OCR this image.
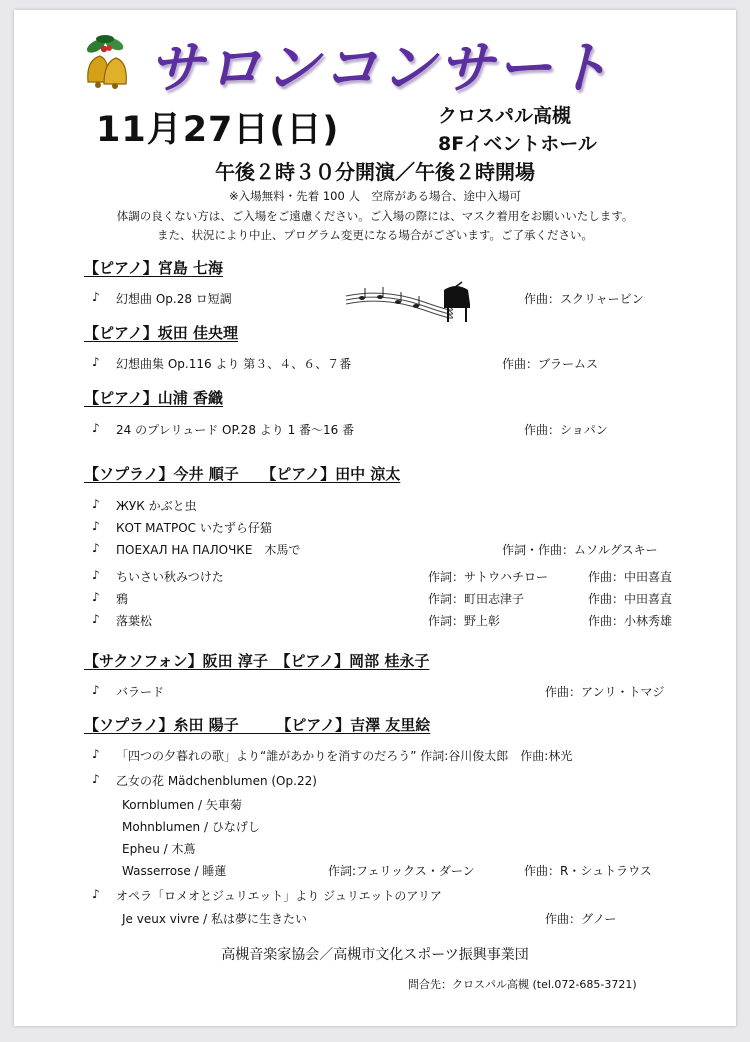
サロンコンサート
11月27日(日)	クロスパル高槻
8Fイベントホール
午後２時３０分開演／午後２時開場
※入場無料・先着 100 人　空席がある場合、途中入場可
体調の良くない方は、ご入場をご遠慮ください。ご入場の際には、マスク着用をお願いいたします。
また、状況により中止、プログラム変更になる場合がございます。ご了承ください。
【ピアノ】宮島 七海
♪ 幻想曲 Op.28 ロ短調	作曲：スクリャービン
【ピアノ】坂田 佳央理
♪ 幻想曲集 Op.116 より 第３、４、６、７番	作曲：ブラームス
【ピアノ】山浦 香織
♪ 24 のプレリュード OP.28 より 1 番～16 番	作曲：ショパン
【ソプラノ】今井 順子　　【ピアノ】田中 涼太
♪ ЖУК かぶと虫
♪ КОТ МАТРОС いたずら仔猫
♪ ПОЕХАЛ НА ПАЛОЧКЕ　木馬で	作詞・作曲：ムソルグスキー
♪ ちいさい秋みつけた	作詞：サトウハチロー	作曲：中田喜直
♪ 鴉	作詞：町田志津子	作曲：中田喜直
♪ 落葉松	作詞：野上彰	作曲：小林秀雄
【サクソフォン】阪田 淳子　【ピアノ】岡部 桂永子
♪ バラード	作曲：アンリ・トマジ
【ソプラノ】糸田 陽子　　　【ピアノ】吉澤 友里絵
♪ 「四つの夕暮れの歌」より“誰があかりを消すのだろう” 作詞:谷川俊太郎　作曲:林光
♪ 乙女の花 Mädchenblumen (Op.22)
Kornblumen / 矢車菊
Mohnblumen / ひなげし
Epheu / 木蔦
Wasserrose / 睡蓮	作詞:フェリックス・ダーン	作曲：R・シュトラウス
♪ オペラ「ロメオとジュリエット」より ジュリエットのアリア
Je veux vivre / 私は夢に生きたい	作曲：グノー
高槻音楽家協会／高槻市文化スポーツ振興事業団
問合先：クロスパル高槻 (tel.072-685-3721)
